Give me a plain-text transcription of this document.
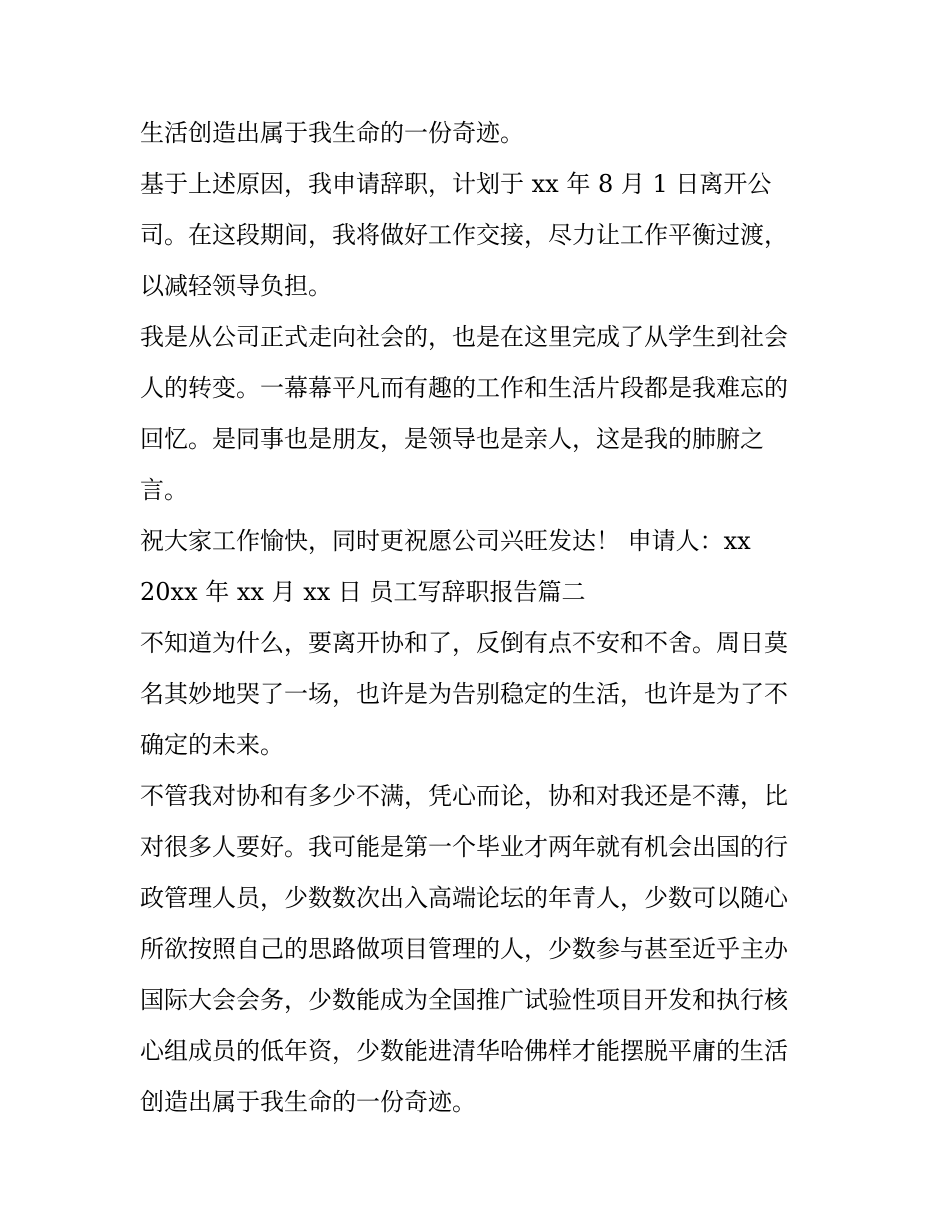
生活创造出属于我生命的一份奇迹。
基于上述原因，我申请辞职，计划于 xx 年 8 月 1 日离开公
司。在这段期间，我将做好工作交接，尽力让工作平衡过渡，
以减轻领导负担。
我是从公司正式走向社会的，也是在这里完成了从学生到社会
人的转变。一幕幕平凡而有趣的工作和生活片段都是我难忘的
回忆。是同事也是朋友，是领导也是亲人，这是我的肺腑之
言。
祝大家工作愉快，同时更祝愿公司兴旺发达！ 申请人：xx
20xx 年 xx 月 xx 日 员工写辞职报告篇二
不知道为什么，要离开协和了，反倒有点不安和不舍。周日莫
名其妙地哭了一场，也许是为告别稳定的生活，也许是为了不
确定的未来。
不管我对协和有多少不满，凭心而论，协和对我还是不薄，比
对很多人要好。我可能是第一个毕业才两年就有机会出国的行
政管理人员，少数数次出入高端论坛的年青人，少数可以随心
所欲按照自己的思路做项目管理的人，少数参与甚至近乎主办
国际大会会务，少数能成为全国推广试验性项目开发和执行核
心组成员的低年资，少数能进清华哈佛样才能摆脱平庸的生活
创造出属于我生命的一份奇迹。
